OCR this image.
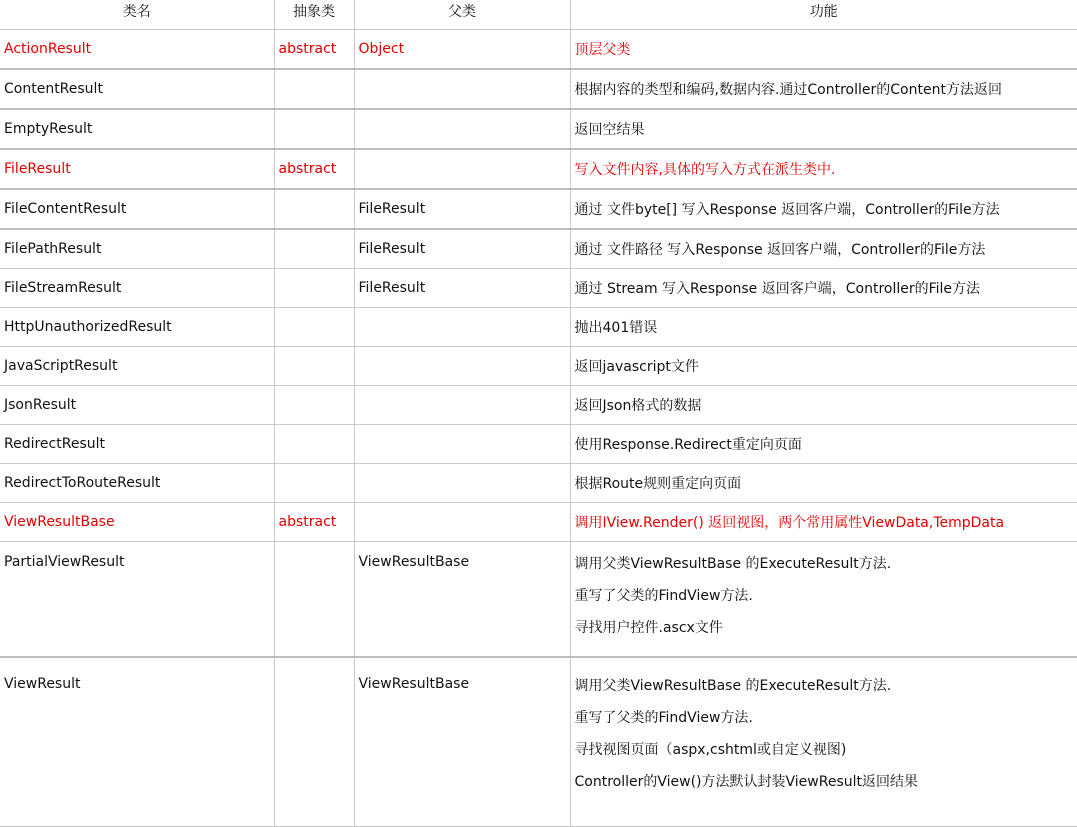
类名	抽象类	父类	功能
ActionResult	abstract	Object	顶层父类
ContentResult			根据内容的类型和编码,数据内容.通过Controller的Content方法返回
EmptyResult			返回空结果
FileResult	abstract		写入文件内容,具体的写入方式在派生类中.
FileContentResult		FileResult	通过 文件byte[] 写入Response 返回客户端，Controller的File方法
FilePathResult		FileResult	通过 文件路径 写入Response 返回客户端，Controller的File方法
FileStreamResult		FileResult	通过 Stream 写入Response 返回客户端，Controller的File方法
HttpUnauthorizedResult			抛出401错误
JavaScriptResult			返回javascript文件
JsonResult			返回Json格式的数据
RedirectResult			使用Response.Redirect重定向页面
RedirectToRouteResult			根据Route规则重定向页面
ViewResultBase	abstract		调用IView.Render() 返回视图，两个常用属性ViewData,TempData
PartialViewResult		ViewResultBase	调用父类ViewResultBase 的ExecuteResult方法.
重写了父类的FindView方法.
寻找用户控件.ascx文件

ViewResult		ViewResultBase	调用父类ViewResultBase 的ExecuteResult方法.
重写了父类的FindView方法.
寻找视图页面（aspx,cshtml或自定义视图)
Controller的View()方法默认封装ViewResult返回结果
